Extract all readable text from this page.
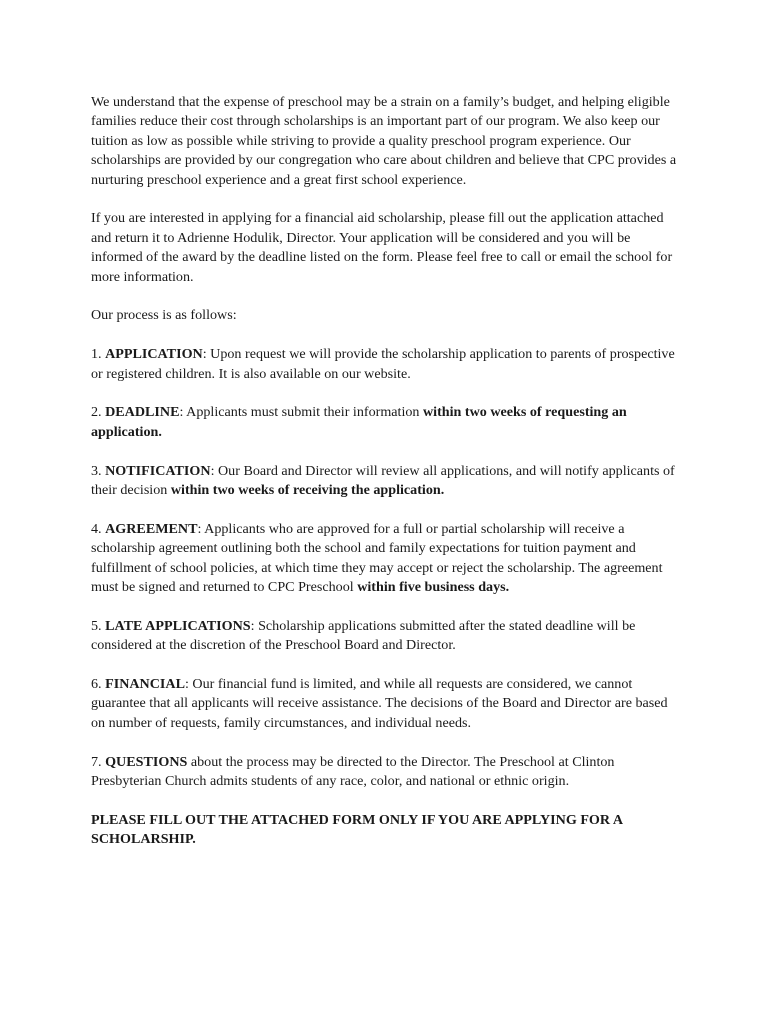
We understand that the expense of preschool may be a strain on a family’s budget, and helping eligible families reduce their cost through scholarships is an important part of our program. We also keep our tuition as low as possible while striving to provide a quality preschool program experience. Our scholarships are provided by our congregation who care about children and believe that CPC provides a nurturing preschool experience and a great first school experience.

If you are interested in applying for a financial aid scholarship, please fill out the application attached and return it to Adrienne Hodulik, Director. Your application will be considered and you will be informed of the award by the deadline listed on the form. Please feel free to call or email the school for more information.

Our process is as follows:

1. APPLICATION: Upon request we will provide the scholarship application to parents of prospective or registered children. It is also available on our website.

2. DEADLINE: Applicants must submit their information within two weeks of requesting an application.

3. NOTIFICATION: Our Board and Director will review all applications, and will notify applicants of their decision within two weeks of receiving the application.

4. AGREEMENT: Applicants who are approved for a full or partial scholarship will receive a scholarship agreement outlining both the school and family expectations for tuition payment and fulfillment of school policies, at which time they may accept or reject the scholarship. The agreement must be signed and returned to CPC Preschool within five business days.

5. LATE APPLICATIONS: Scholarship applications submitted after the stated deadline will be considered at the discretion of the Preschool Board and Director.

6. FINANCIAL: Our financial fund is limited, and while all requests are considered, we cannot guarantee that all applicants will receive assistance. The decisions of the Board and Director are based on number of requests, family circumstances, and individual needs.

7. QUESTIONS about the process may be directed to the Director. The Preschool at Clinton Presbyterian Church admits students of any race, color, and national or ethnic origin.

PLEASE FILL OUT THE ATTACHED FORM ONLY IF YOU ARE APPLYING FOR A SCHOLARSHIP.
